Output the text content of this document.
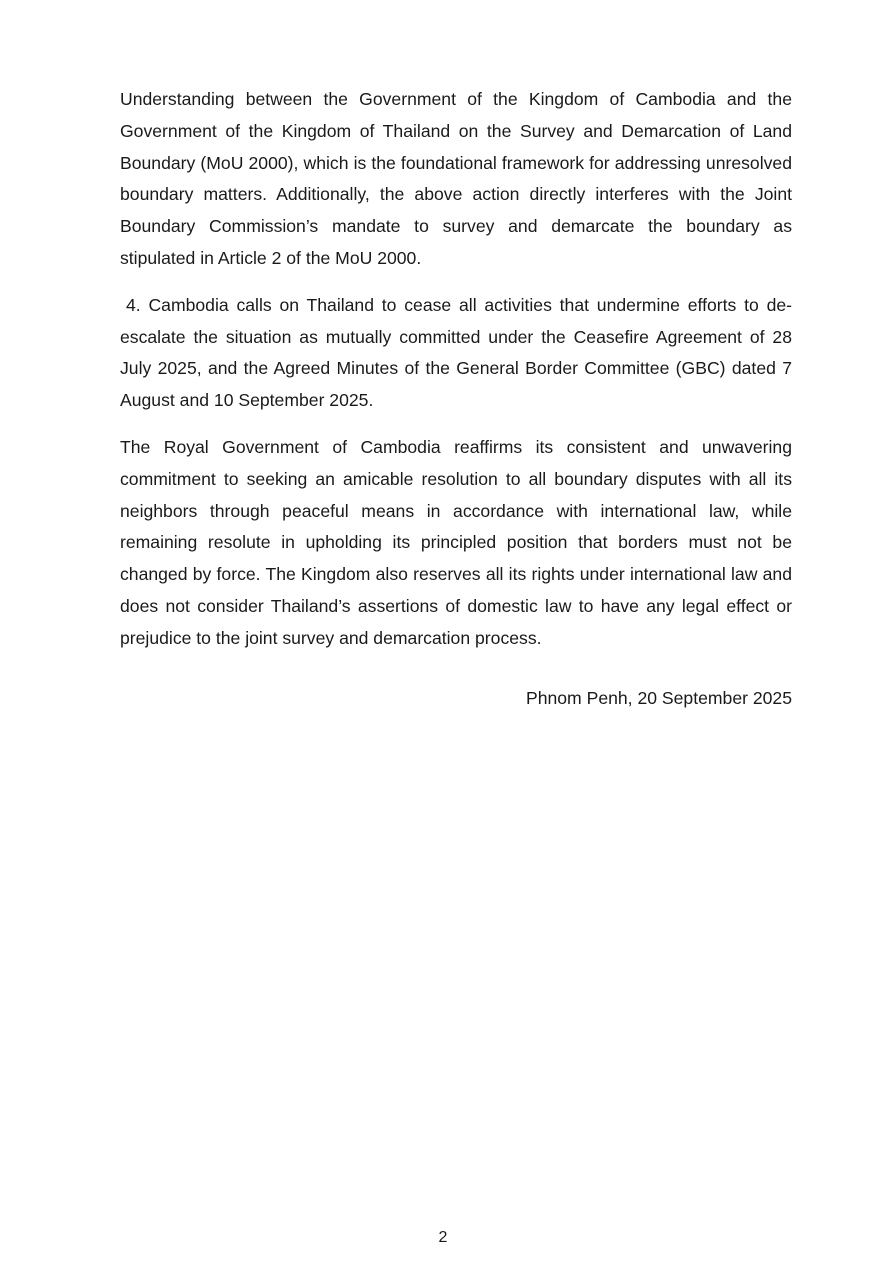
Understanding between the Government of the Kingdom of Cambodia and the Government of the Kingdom of Thailand on the Survey and Demarcation of Land Boundary (MoU 2000), which is the foundational framework for addressing unresolved boundary matters. Additionally, the above action directly interferes with the Joint Boundary Commission’s mandate to survey and demarcate the boundary as stipulated in Article 2 of the MoU 2000.

4. Cambodia calls on Thailand to cease all activities that undermine efforts to de-escalate the situation as mutually committed under the Ceasefire Agreement of 28 July 2025, and the Agreed Minutes of the General Border Committee (GBC) dated 7 August and 10 September 2025.

The Royal Government of Cambodia reaffirms its consistent and unwavering commitment to seeking an amicable resolution to all boundary disputes with all its neighbors through peaceful means in accordance with international law, while remaining resolute in upholding its principled position that borders must not be changed by force. The Kingdom also reserves all its rights under international law and does not consider Thailand’s assertions of domestic law to have any legal effect or prejudice to the joint survey and demarcation process.

Phnom Penh, 20 September 2025

2
